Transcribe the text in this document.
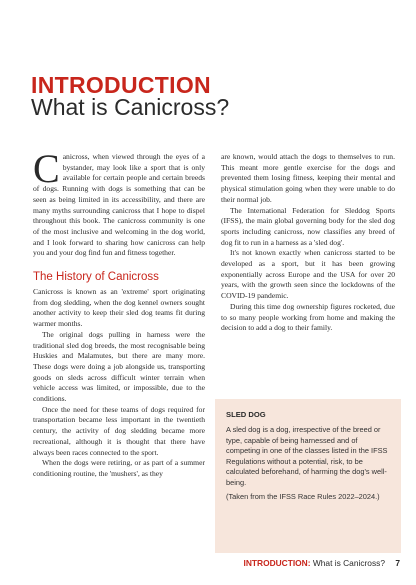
INTRODUCTION
What is Canicross?
C anicross, when viewed through the eyes of a bystander, may look like a sport that is only available for certain people and certain breeds of dogs. Running with dogs is something that can be seen as being limited in its accessibility, and there are many myths surrounding canicross that I hope to dispel throughout this book. The canicross community is one of the most inclusive and welcoming in the dog world, and I look forward to sharing how canicross can help you and your dog find fun and fitness together.

The History of Canicross

Canicross is known as an 'extreme' sport originating from dog sledding, when the dog kennel owners sought another activity to keep their sled dog teams fit during warmer months.

The original dogs pulling in harness were the traditional sled dog breeds, the most recognisable being Huskies and Malamutes, but there are many more. These dogs were doing a job alongside us, transporting goods on sleds across difficult winter terrain when vehicle access was limited, or impossible, due to the conditions.

Once the need for these teams of dogs required for transportation became less important in the twentieth century, the activity of dog sledding became more recreational, although it is thought that there have always been races connected to the sport.

When the dogs were retiring, or as part of a summer conditioning routine, the 'mushers', as they

are known, would attach the dogs to themselves to run. This meant more gentle exercise for the dogs and prevented them losing fitness, keeping their mental and physical stimulation going when they were unable to do their normal job.

The International Federation for Sleddog Sports (IFSS), the main global governing body for the sled dog sports including canicross, now classifies any breed of dog fit to run in a harness as a 'sled dog'.

It's not known exactly when canicross started to be developed as a sport, but it has been growing exponentially across Europe and the USA for over 20 years, with the growth seen since the lockdowns of the COVID-19 pandemic.

During this time dog ownership figures rocketed, due to so many people working from home and making the decision to add a dog to their family.

SLED DOG

A sled dog is a dog, irrespective of the breed or type, capable of being harnessed and of competing in one of the classes listed in the IFSS Regulations without a potential, risk, to be calculated beforehand, of harming the dog's well-being.

(Taken from the IFSS Race Rules 2022–2024.)

INTRODUCTION: What is Canicross? 7
